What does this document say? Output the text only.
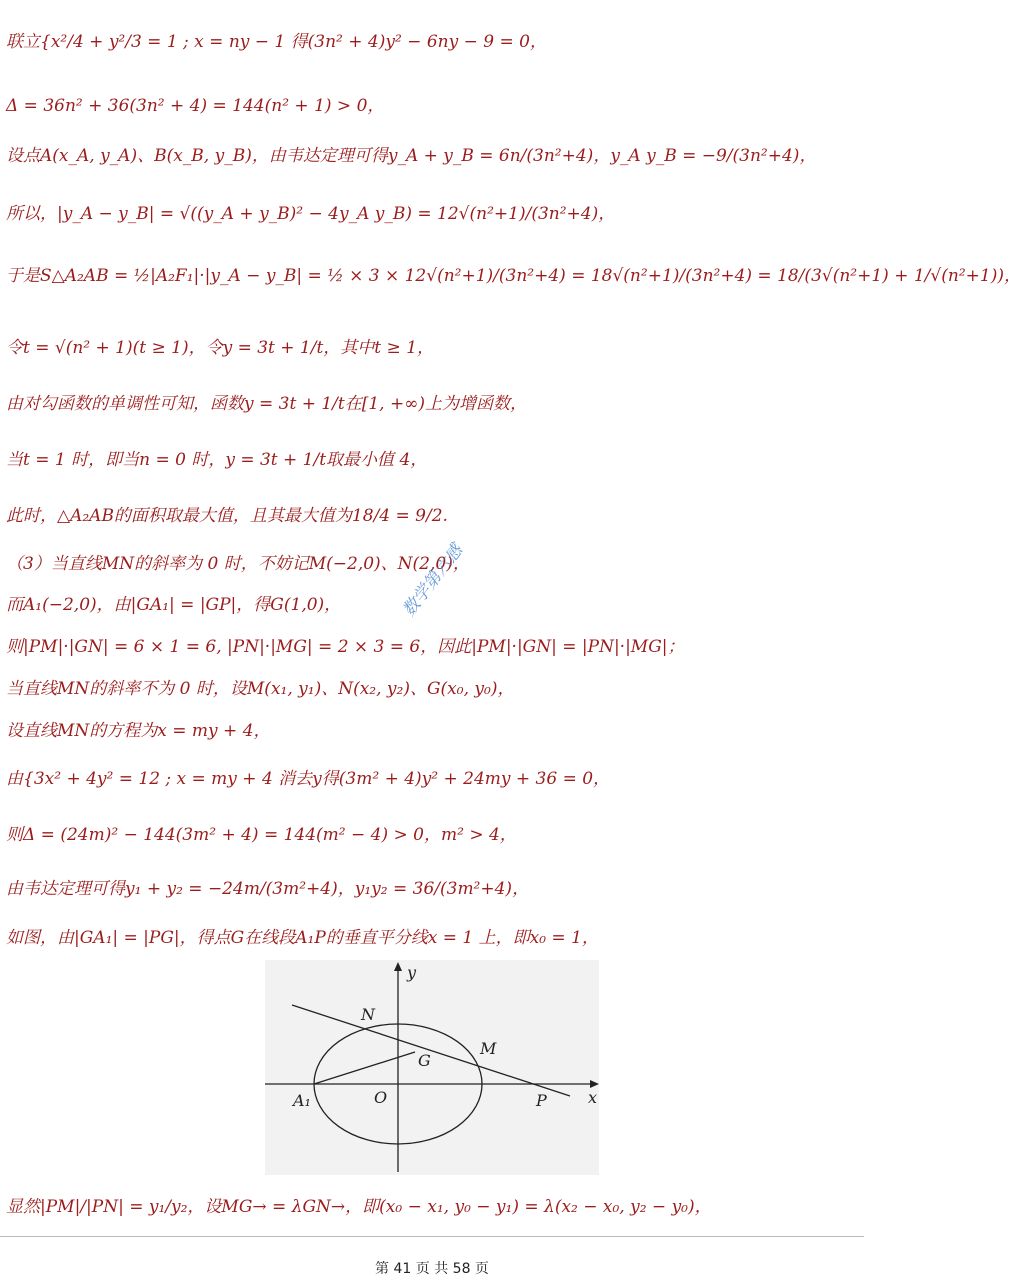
联立{x²/4 + y²/3 = 1 ; x = ny − 1 得(3n² + 4)y² − 6ny − 9 = 0，
Δ = 36n² + 36(3n² + 4) = 144(n² + 1) > 0，
设点A(x_A, y_A)、B(x_B, y_B)，由韦达定理可得y_A + y_B = 6n/(3n²+4)，y_A y_B = −9/(3n²+4)，
所以，|y_A − y_B| = √((y_A + y_B)² − 4y_A y_B) = 12√(n²+1)/(3n²+4)，
于是S△A₂AB = ½|A₂F₁|·|y_A − y_B| = ½ × 3 × 12√(n²+1)/(3n²+4) = 18√(n²+1)/(3n²+4) = 18/(3√(n²+1) + 1/√(n²+1))，
令t = √(n² + 1)(t ≥ 1)，令y = 3t + 1/t，其中t ≥ 1，
由对勾函数的单调性可知，函数y = 3t + 1/t在[1, +∞)上为增函数，
当t = 1 时，即当n = 0 时，y = 3t + 1/t取最小值 4，
此时，△A₂AB的面积取最大值，且其最大值为18/4 = 9/2.
（3）当直线MN的斜率为 0 时，不妨记M(−2,0)、N(2,0)，
而A₁(−2,0)，由|GA₁| = |GP|，得G(1,0)，
则|PM|·|GN| = 6 × 1 = 6, |PN|·|MG| = 2 × 3 = 6，因此|PM|·|GN| = |PN|·|MG|；
当直线MN的斜率不为 0 时，设M(x₁, y₁)、N(x₂, y₂)、G(x₀, y₀)，
设直线MN的方程为x = my + 4，
由{3x² + 4y² = 12 ; x = my + 4 消去y得(3m² + 4)y² + 24my + 36 = 0，
则Δ = (24m)² − 144(3m² + 4) = 144(m² − 4) > 0，m² > 4，
由韦达定理可得y₁ + y₂ = −24m/(3m²+4)，y₁y₂ = 36/(3m²+4)，
如图，由|GA₁| = |PG|，得点G在线段A₁P的垂直平分线x = 1 上，即x₀ = 1，
数学第六感
y
x
N
M
G
A₁	O	P
显然|PM|/|PN| = y₁/y₂，设MG→ = λGN→，即(x₀ − x₁, y₀ − y₁) = λ(x₂ − x₀, y₂ − y₀)，
第 41 页 共 58 页
